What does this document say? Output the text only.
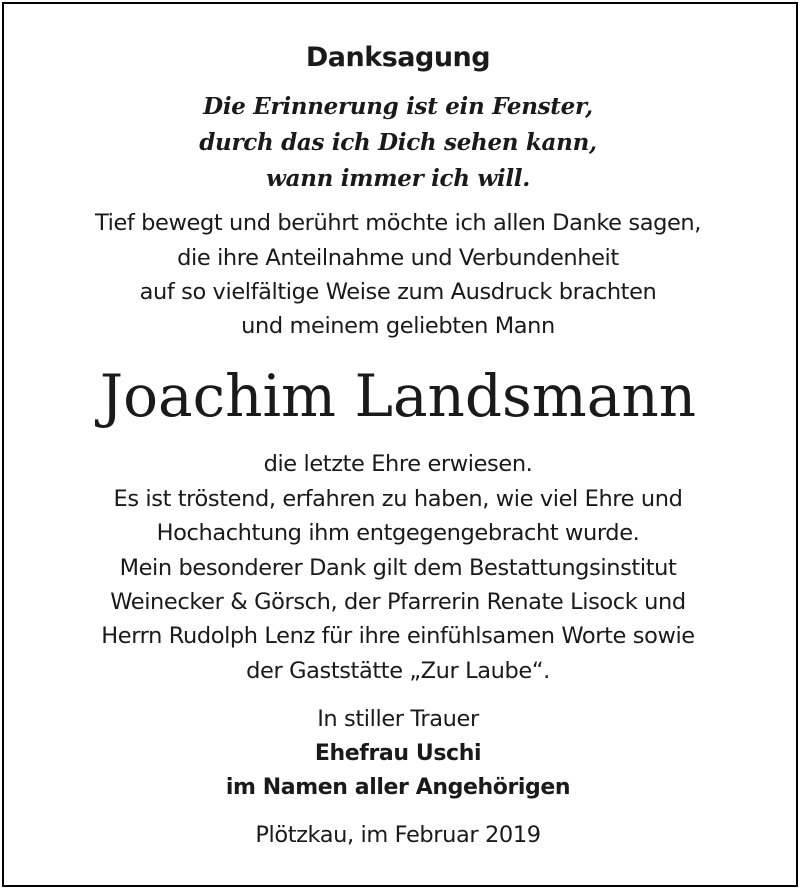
Danksagung
Die Erinnerung ist ein Fenster,
durch das ich Dich sehen kann,
wann immer ich will.
Tief bewegt und berührt möchte ich allen Danke sagen,
die ihre Anteilnahme und Verbundenheit
auf so vielfältige Weise zum Ausdruck brachten
und meinem geliebten Mann
Joachim Landsmann
die letzte Ehre erwiesen.
Es ist tröstend, erfahren zu haben, wie viel Ehre und
Hochachtung ihm entgegengebracht wurde.
Mein besonderer Dank gilt dem Bestattungsinstitut
Weinecker & Görsch, der Pfarrerin Renate Lisock und
Herrn Rudolph Lenz für ihre einfühlsamen Worte sowie
der Gaststätte „Zur Laube“.
In stiller Trauer
Ehefrau Uschi
im Namen aller Angehörigen
Plötzkau, im Februar 2019
